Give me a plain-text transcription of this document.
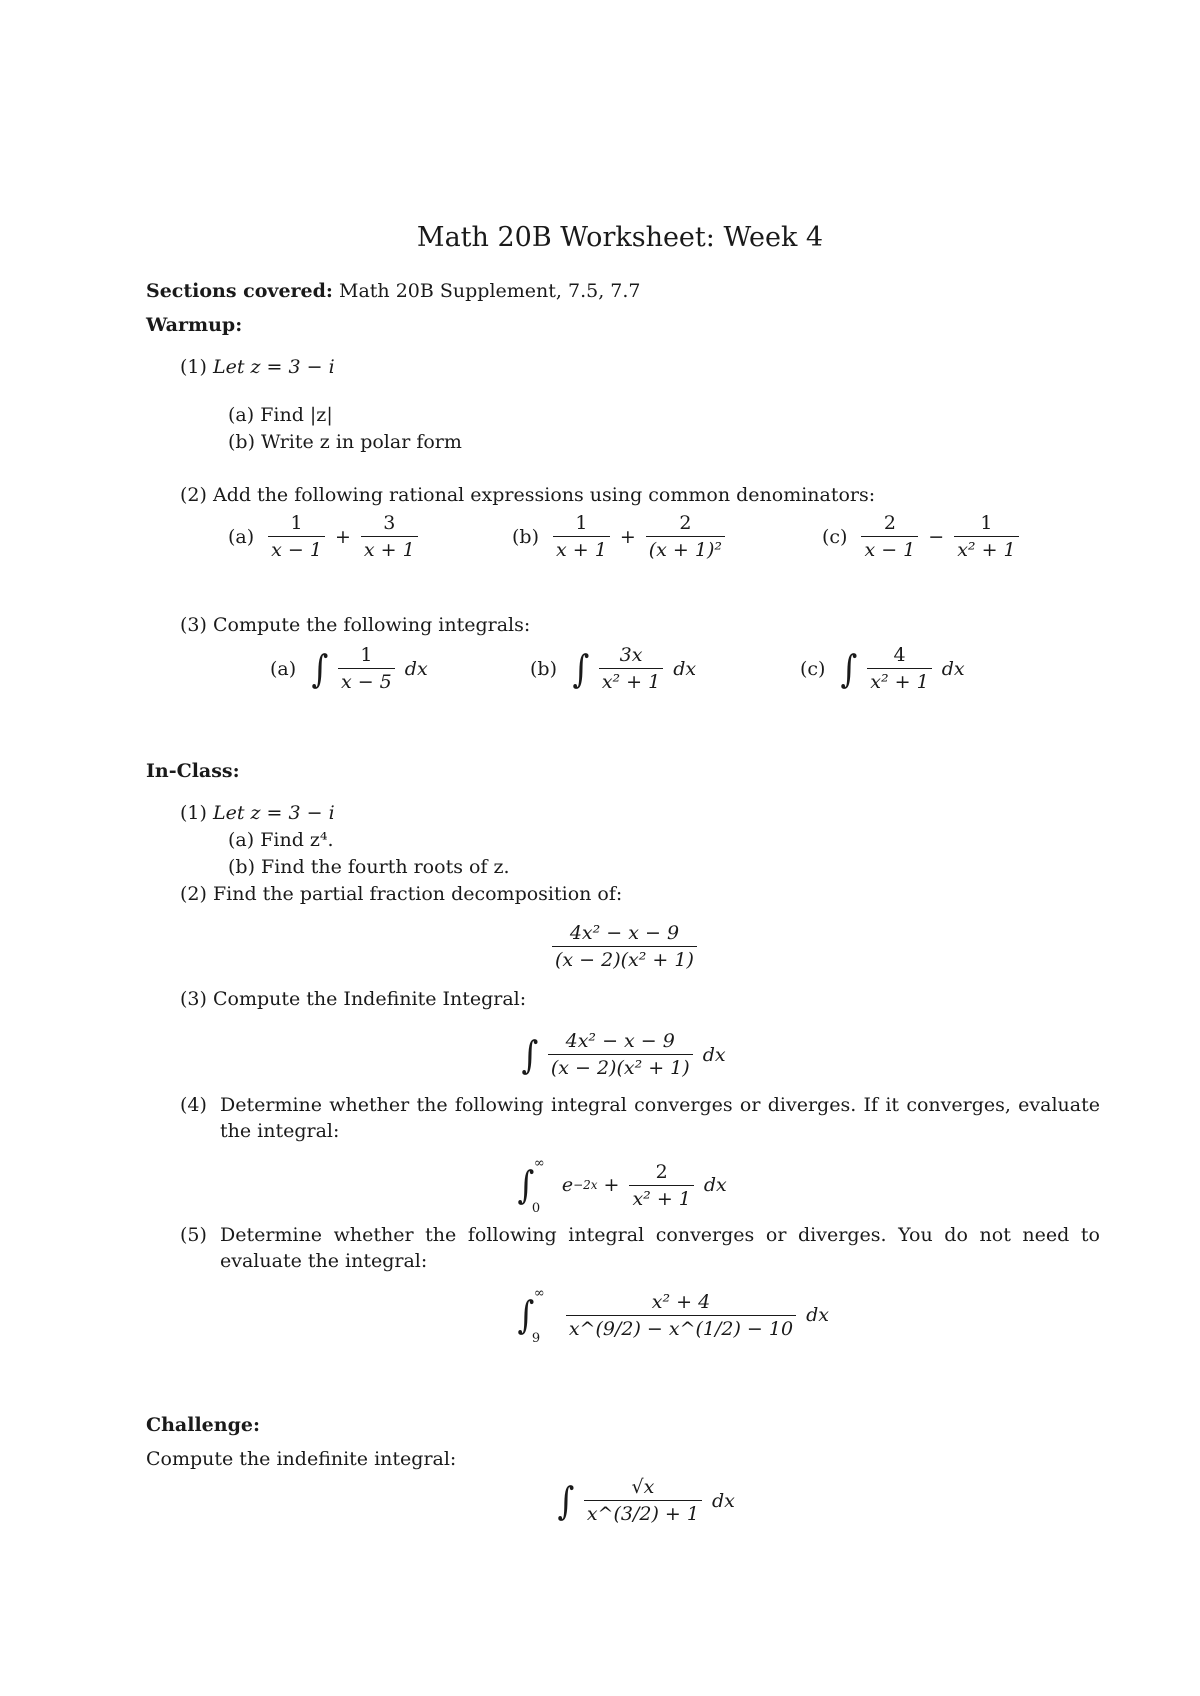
Math 20B Worksheet: Week 4
Sections covered: Math 20B Supplement, 7.5, 7.7
Warmup:
(1) Let z = 3 − i
(a) Find |z|
(b) Write z in polar form
(2) Add the following rational expressions using common denominators:
$(a) \frac{1}{x - 1} + \frac{3}{x + 1}$	$(b) \frac{1}{x + 1} + \frac{2}{\text{(x + 1)²}}$	$(c) \frac{2}{x - 1} - \frac{1}{\text{x² + 1}}$
(3) Compute the following integrals:
(a) ∫ $\frac{1}{x - 5}$ dx	(b) ∫ $\frac{3x}{\text{x² + 1}}$ dx	(c) ∫ $\frac{4}{\text{x² + 1}}$ dx
In-Class:
(1) Let z = 3 − i
(a) Find z⁴.
(b) Find the fourth roots of z.
(2) Find the partial fraction decomposition of:
$\frac{\text{4x² − x − 9}}{\text{(x − 2)(x² + 1)}}$
(3) Compute the Indefinite Integral:
∫ $\frac{\text{4x² − x − 9}}{\text{(x − 2)(x² + 1)}}$ dx
(4) Determine whether the following integral converges or diverges. If it converges, evaluate the integral:
∫ ∞
0
$e -2x + \frac{2}{\text{x² + 1}}$ dx
(5) Determine whether the following integral converges or diverges. You do not need to evaluate the integral:
∫ ∞
$9 \frac{\text{x² + 4}}{x\^{}(9/2) - x\^{}(1/2) - 10}$ dx
Challenge:
Compute the indefinite integral:
∫ $\frac{√x}{x\^{}(3/2) + 1}$ dx
